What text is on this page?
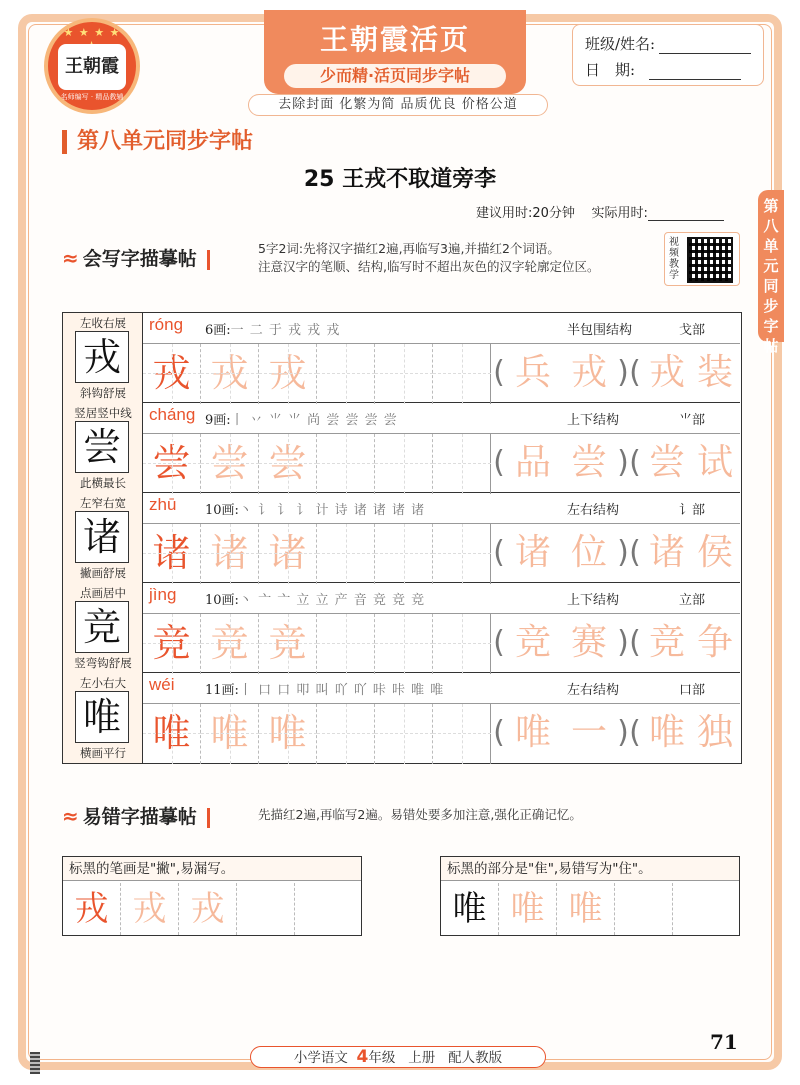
★ ★ ★ ★
王朝霞
名师编写 · 精品教辅
王朝霞活页
少而精·活页同步字帖
班级/姓名:
日　期:
去除封面 化繁为简 品质优良 价格公道
第八单元同步字帖
25 王戎不取道旁李
建议用时:20分钟 实际用时:	第八单元同步字帖
≈ 会写字描摹帖	5字2词:先将汉字描红2遍,再临写3遍,并描红2个词语。
注意汉字的笔顺、结构,临写时不超出灰色的汉字轮廓定位区。
视频教学
左收右展
戎
斜钩舒展
róng 6画:一 二 于 戎 戎 戎	半包围结构	戈部
戎 戎 戎	( 兵 戎 ) ( 戎 装
竖居竖中线
尝
此横最长
cháng 9画:丨 丷 ⺌ ⺌ 尚 尝 尝 尝 尝	上下结构	⺌部
尝 尝 尝	( 品 尝 ) ( 尝 试
左窄右宽
诸
撇画舒展
zhū 10画:丶 讠 讠 讠 计 诗 诸 诸 诸 诸	左右结构	讠部
诸 诸 诸	( 诸 位 ) ( 诸 侯
点画居中
竞
竖弯钩舒展
jìng 10画:丶 亠 亠 立 立 产 音 竞 竞 竞	上下结构	立部
竞 竞 竞	( 竞 赛 ) ( 竞 争
左小右大
唯
横画平行
wéi 11画:丨 口 口 叩 叫 吖 吖 咔 咔 唯 唯	左右结构	口部
唯 唯 唯	( 唯 一 ) ( 唯 独
≈ 易错字描摹帖	先描红2遍,再临写2遍。易错处要多加注意,强化正确记忆。
标黑的笔画是"撇",易漏写。
戎 戎 戎
标黑的部分是"隹",易错写为"住"。
唯 唯 唯
71
小学语文 4年级 上册 配人教版
